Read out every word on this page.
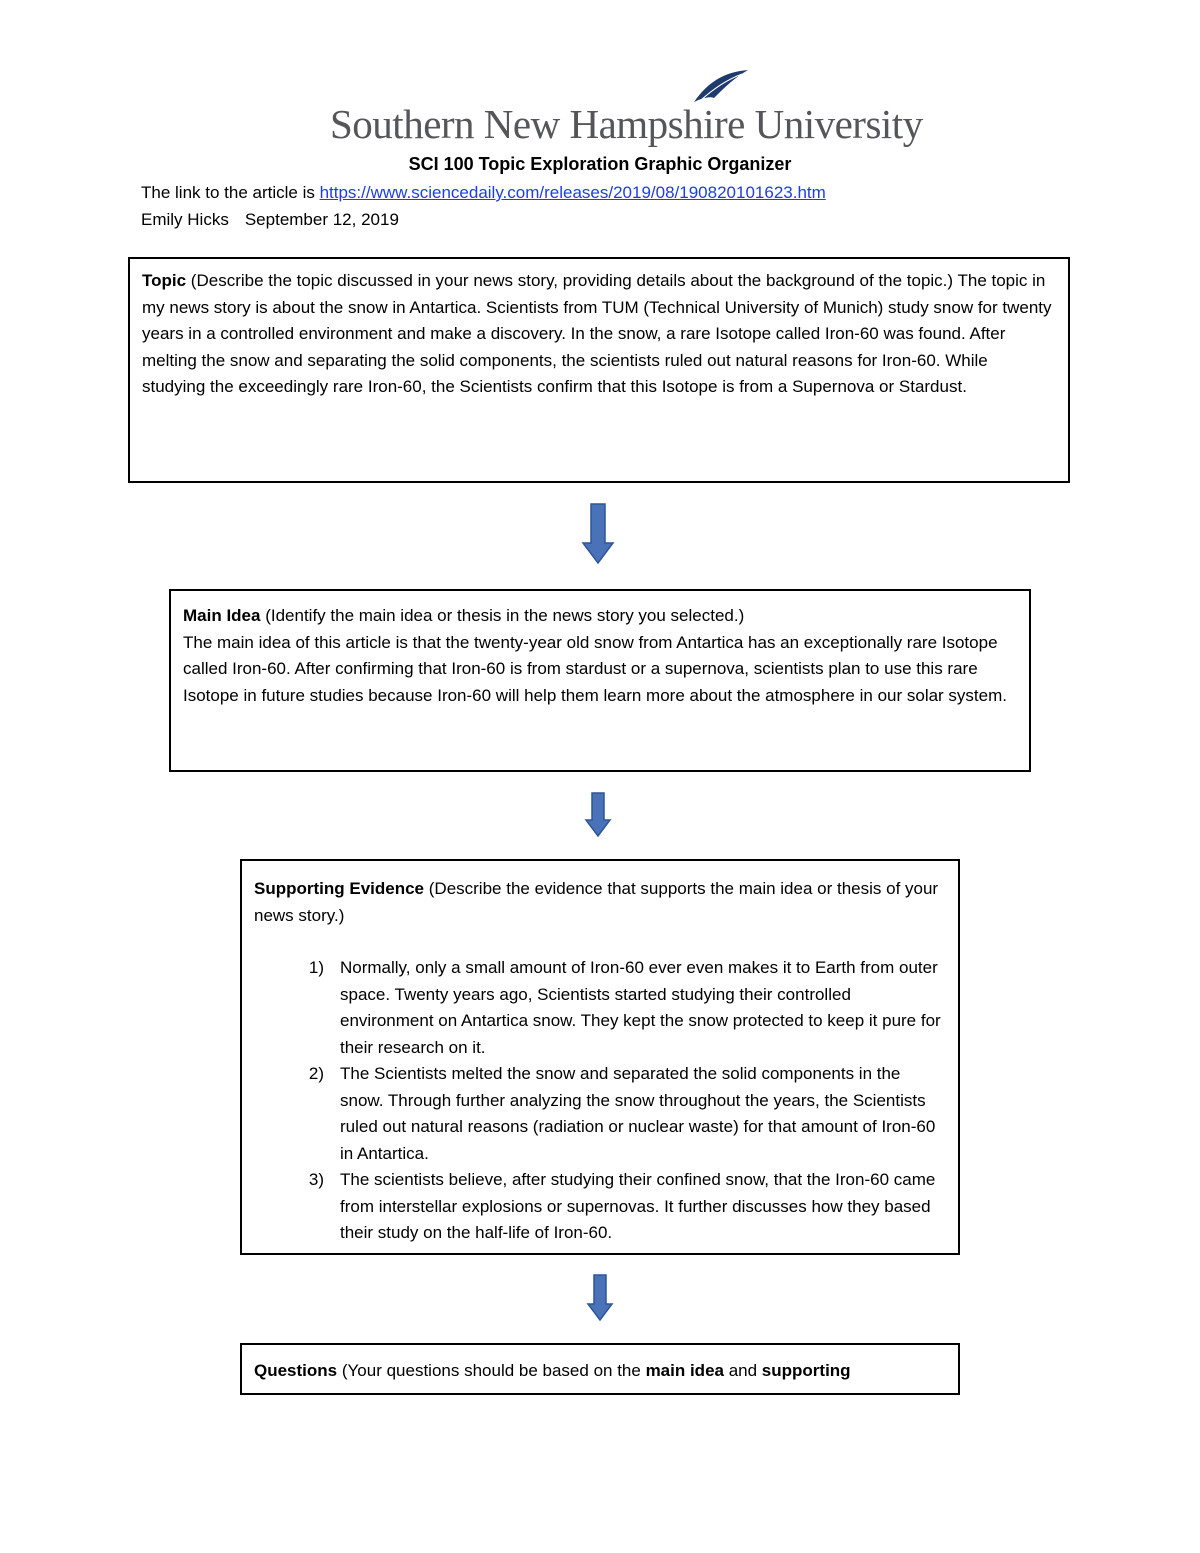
Southern New Hampshire University
SCI 100 Topic Exploration Graphic Organizer
The link to the article is https://www.sciencedaily.com/releases/2019/08/190820101623.htm
Emily Hicks September 12, 2019
Topic (Describe the topic discussed in your news story, providing details about the background of the topic.) The topic in my news story is about the snow in Antartica. Scientists from TUM (Technical University of Munich) study snow for twenty years in a controlled environment and make a discovery. In the snow, a rare Isotope called Iron-60 was found. After melting the snow and separating the solid components, the scientists ruled out natural reasons for Iron-60. While studying the exceedingly rare Iron-60, the Scientists confirm that this Isotope is from a Supernova or Stardust.
Main Idea (Identify the main idea or thesis in the news story you selected.)
The main idea of this article is that the twenty-year old snow from Antartica has an exceptionally rare Isotope called Iron-60. After confirming that Iron-60 is from stardust or a supernova, scientists plan to use this rare Isotope in future studies because Iron-60 will help them learn more about the atmosphere in our solar system.
Supporting Evidence (Describe the evidence that supports the main idea or thesis of your news story.)
1) Normally, only a small amount of Iron-60 ever even makes it to Earth from outer space. Twenty years ago, Scientists started studying their controlled environment on Antartica snow. They kept the snow protected to keep it pure for their research on it.
2) The Scientists melted the snow and separated the solid components in the snow. Through further analyzing the snow throughout the years, the Scientists ruled out natural reasons (radiation or nuclear waste) for that amount of Iron-60 in Antartica.
3) The scientists believe, after studying their confined snow, that the Iron-60 came from interstellar explosions or supernovas. It further discusses how they based their study on the half-life of Iron-60.
Questions (Your questions should be based on the main idea and supporting
